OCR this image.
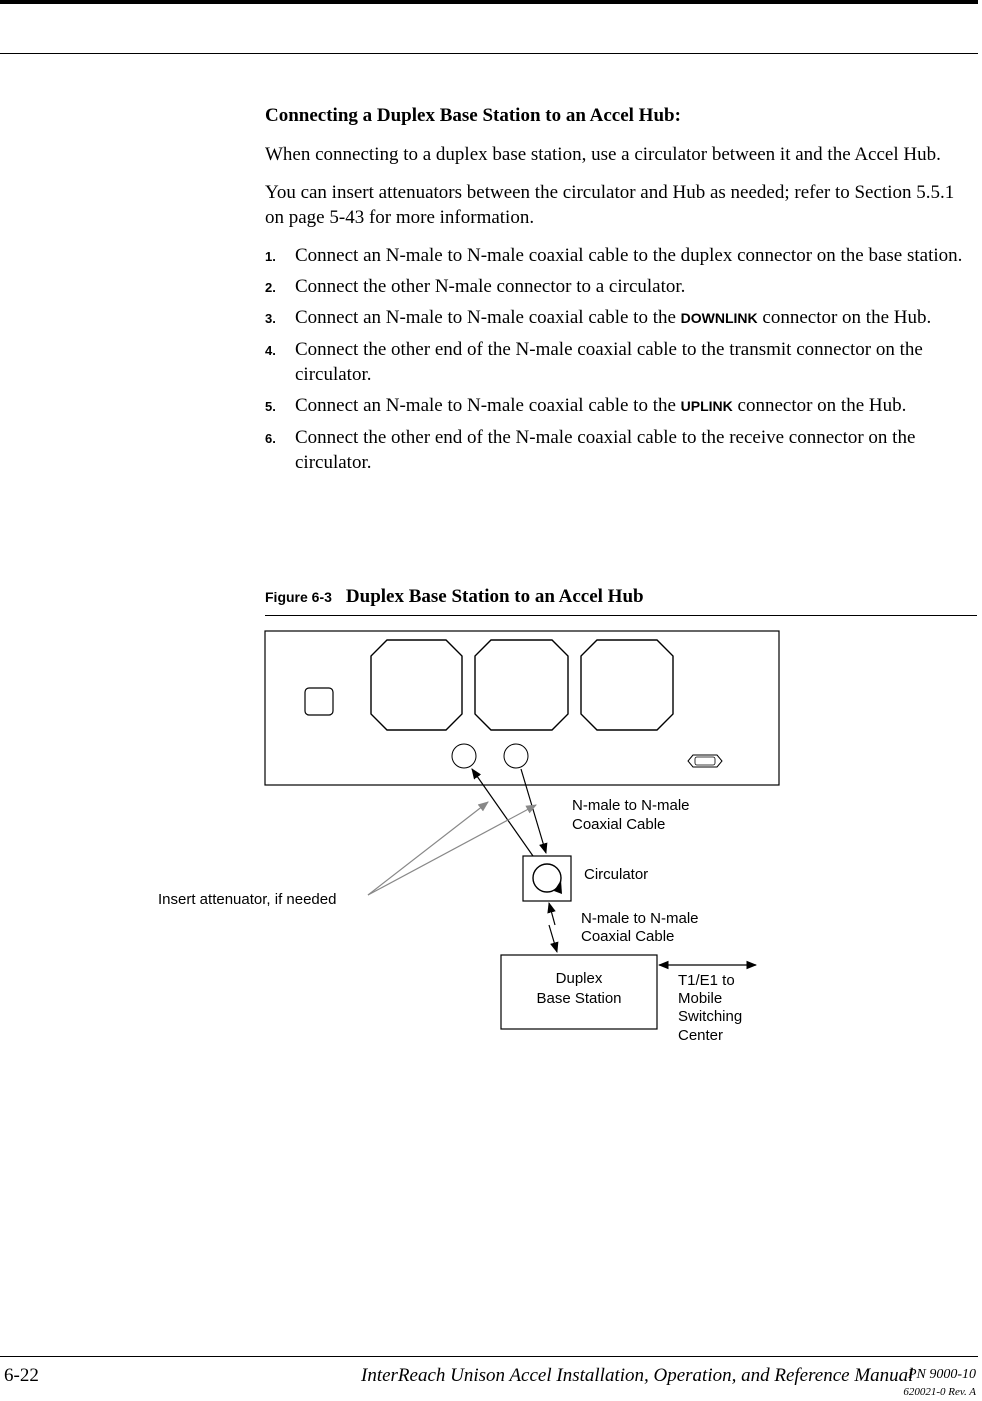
Connecting a Duplex Base Station to an Accel Hub:

When connecting to a duplex base station, use a circulator between it and the Accel Hub.

You can insert attenuators between the circulator and Hub as needed; refer to Section 5.5.1 on page 5-43 for more information.

1. Connect an N-male to N-male coaxial cable to the duplex connector on the base station.
2. Connect the other N-male connector to a circulator.
3. Connect an N-male to N-male coaxial cable to the DOWNLINK connector on the Hub.
4. Connect the other end of the N-male coaxial cable to the transmit connector on the circulator.
5. Connect an N-male to N-male coaxial cable to the UPLINK connector on the Hub.
6. Connect the other end of the N-male coaxial cable to the receive connector on the circulator.
Figure 6-3 Duplex Base Station to an Accel Hub
N-male to N-male
Coaxial Cable
Circulator
Insert attenuator, if needed
N-male to N-male
Coaxial Cable
Duplex
Base Station
T1/E1 to
Mobile
Switching
Center
6-22	InterReach Unison Accel Installation, Operation, and Reference Manual
PN 9000-10
620021-0 Rev. A
